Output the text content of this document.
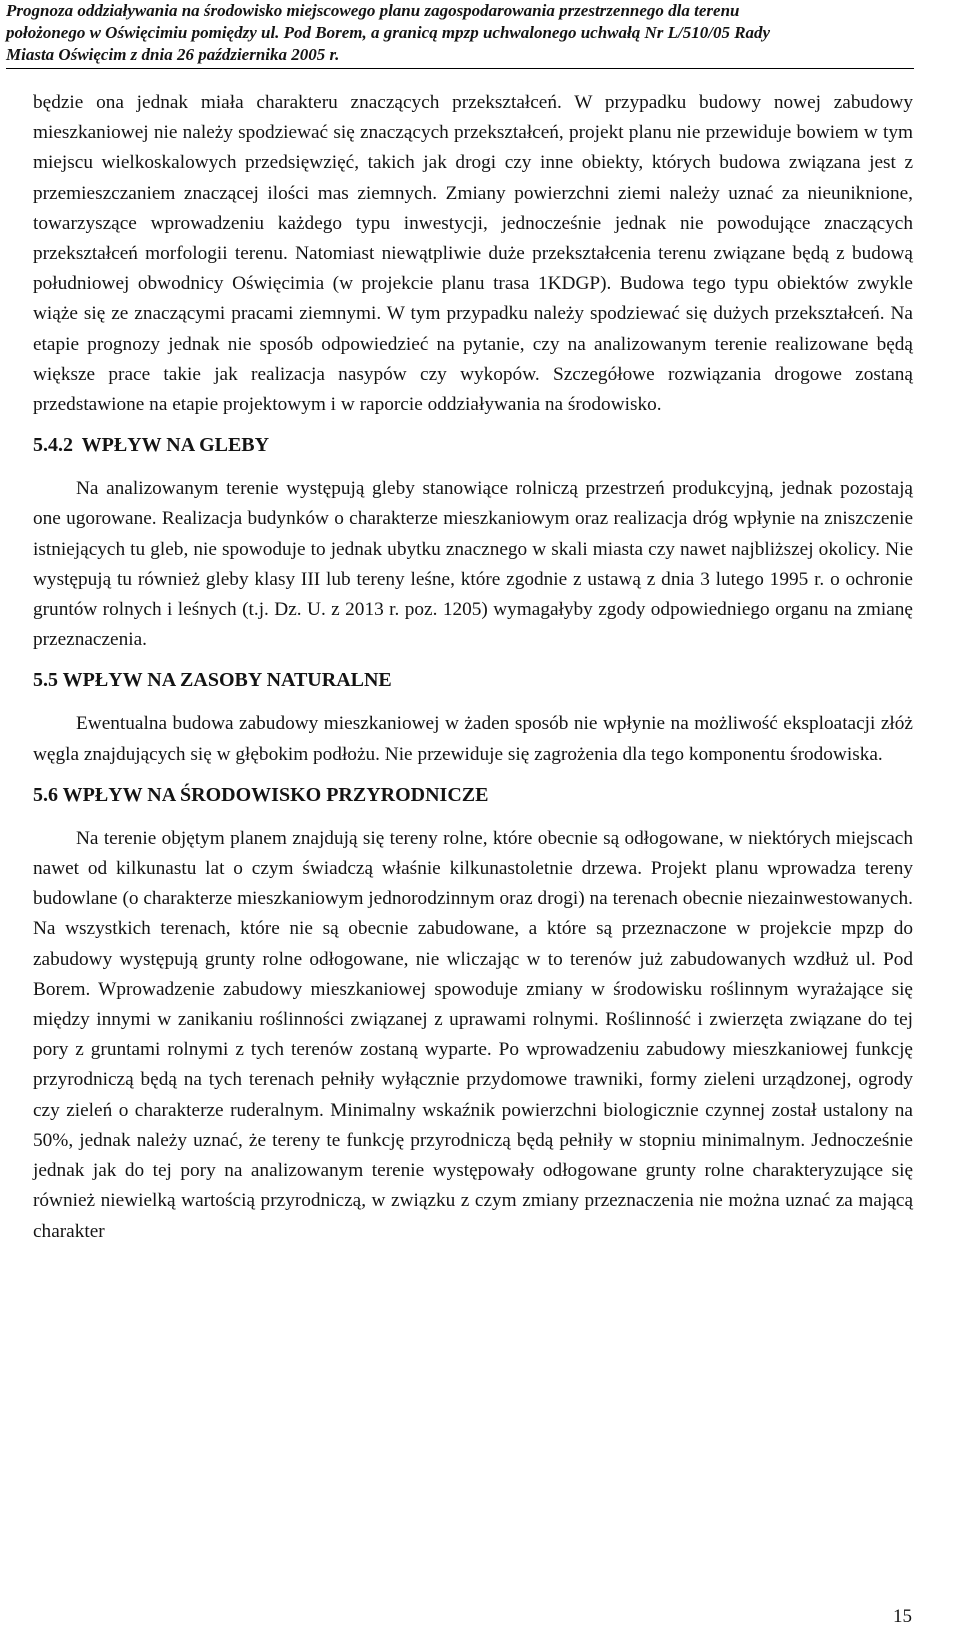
Prognoza oddziaływania na środowisko miejscowego planu zagospodarowania przestrzennego dla terenu
położonego w Oświęcimiu pomiędzy ul. Pod Borem, a granicą mpzp uchwalonego uchwałą Nr L/510/05 Rady
Miasta Oświęcim z dnia 26 października 2005 r.

będzie ona jednak miała charakteru znaczących przekształceń. W przypadku budowy nowej zabudowy mieszkaniowej nie należy spodziewać się znaczących przekształceń, projekt planu nie przewiduje bowiem w tym miejscu wielkoskalowych przedsięwzięć, takich jak drogi czy inne obiekty, których budowa związana jest z przemieszczaniem znaczącej ilości mas ziemnych. Zmiany powierzchni ziemi należy uznać za nieuniknione, towarzyszące wprowadzeniu każdego typu inwestycji, jednocześnie jednak nie powodujące znaczących przekształceń morfologii terenu. Natomiast niewątpliwie duże przekształcenia terenu związane będą z budową południowej obwodnicy Oświęcimia (w projekcie planu trasa 1KDGP). Budowa tego typu obiektów zwykle wiąże się ze znaczącymi pracami ziemnymi. W tym przypadku należy spodziewać się dużych przekształceń. Na etapie prognozy jednak nie sposób odpowiedzieć na pytanie, czy na analizowanym terenie realizowane będą większe prace takie jak realizacja nasypów czy wykopów. Szczegółowe rozwiązania drogowe zostaną przedstawione na etapie projektowym i w raporcie oddziaływania na środowisko.

5.4.2 WPŁYW NA GLEBY

Na analizowanym terenie występują gleby stanowiące rolniczą przestrzeń produkcyjną, jednak pozostają one ugorowane. Realizacja budynków o charakterze mieszkaniowym oraz realizacja dróg wpłynie na zniszczenie istniejących tu gleb, nie spowoduje to jednak ubytku znacznego w skali miasta czy nawet najbliższej okolicy. Nie występują tu również gleby klasy III lub tereny leśne, które zgodnie z ustawą z dnia 3 lutego 1995 r. o ochronie gruntów rolnych i leśnych (t.j. Dz. U. z 2013 r. poz. 1205) wymagałyby zgody odpowiedniego organu na zmianę przeznaczenia.

5.5 WPŁYW NA ZASOBY NATURALNE

Ewentualna budowa zabudowy mieszkaniowej w żaden sposób nie wpłynie na możliwość eksploatacji złóż węgla znajdujących się w głębokim podłożu. Nie przewiduje się zagrożenia dla tego komponentu środowiska.

5.6 WPŁYW NA ŚRODOWISKO PRZYRODNICZE

Na terenie objętym planem znajdują się tereny rolne, które obecnie są odłogowane, w niektórych miejscach nawet od kilkunastu lat o czym świadczą właśnie kilkunastoletnie drzewa. Projekt planu wprowadza tereny budowlane (o charakterze mieszkaniowym jednorodzinnym oraz drogi) na terenach obecnie niezainwestowanych. Na wszystkich terenach, które nie są obecnie zabudowane, a które są przeznaczone w projekcie mpzp do zabudowy występują grunty rolne odłogowane, nie wliczając w to terenów już zabudowanych wzdłuż ul. Pod Borem. Wprowadzenie zabudowy mieszkaniowej spowoduje zmiany w środowisku roślinnym wyrażające się między innymi w zanikaniu roślinności związanej z uprawami rolnymi. Roślinność i zwierzęta związane do tej pory z gruntami rolnymi z tych terenów zostaną wyparte. Po wprowadzeniu zabudowy mieszkaniowej funkcję przyrodniczą będą na tych terenach pełniły wyłącznie przydomowe trawniki, formy zieleni urządzonej, ogrody czy zieleń o charakterze ruderalnym. Minimalny wskaźnik powierzchni biologicznie czynnej został ustalony na 50%, jednak należy uznać, że tereny te funkcję przyrodniczą będą pełniły w stopniu minimalnym. Jednocześnie jednak jak do tej pory na analizowanym terenie występowały odłogowane grunty rolne charakteryzujące się również niewielką wartością przyrodniczą, w związku z czym zmiany przeznaczenia nie można uznać za mającą charakter

15
